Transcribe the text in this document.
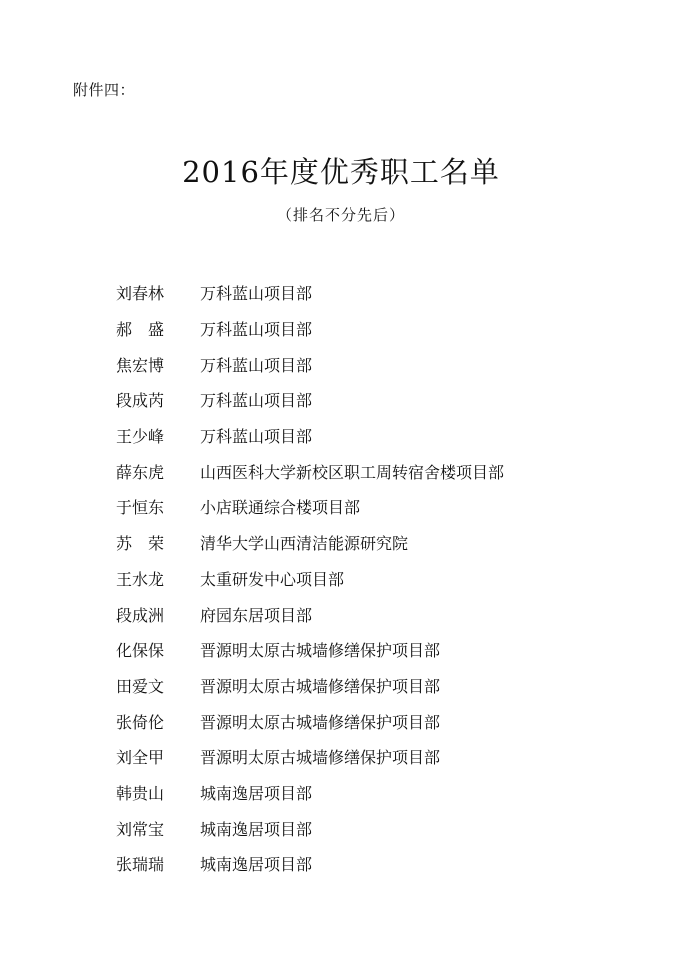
附件四：
2016年度优秀职工名单
（排名不分先后）
刘春林	万科蓝山项目部
郝　盛	万科蓝山项目部
焦宏博	万科蓝山项目部
段成芮	万科蓝山项目部
王少峰	万科蓝山项目部
薛东虎	山西医科大学新校区职工周转宿舍楼项目部
于恒东	小店联通综合楼项目部
苏　荣	清华大学山西清洁能源研究院
王水龙	太重研发中心项目部
段成洲	府园东居项目部
化保保	晋源明太原古城墙修缮保护项目部
田爱文	晋源明太原古城墙修缮保护项目部
张倚伦	晋源明太原古城墙修缮保护项目部
刘全甲	晋源明太原古城墙修缮保护项目部
韩贵山	城南逸居项目部
刘常宝	城南逸居项目部
张瑞瑞	城南逸居项目部
